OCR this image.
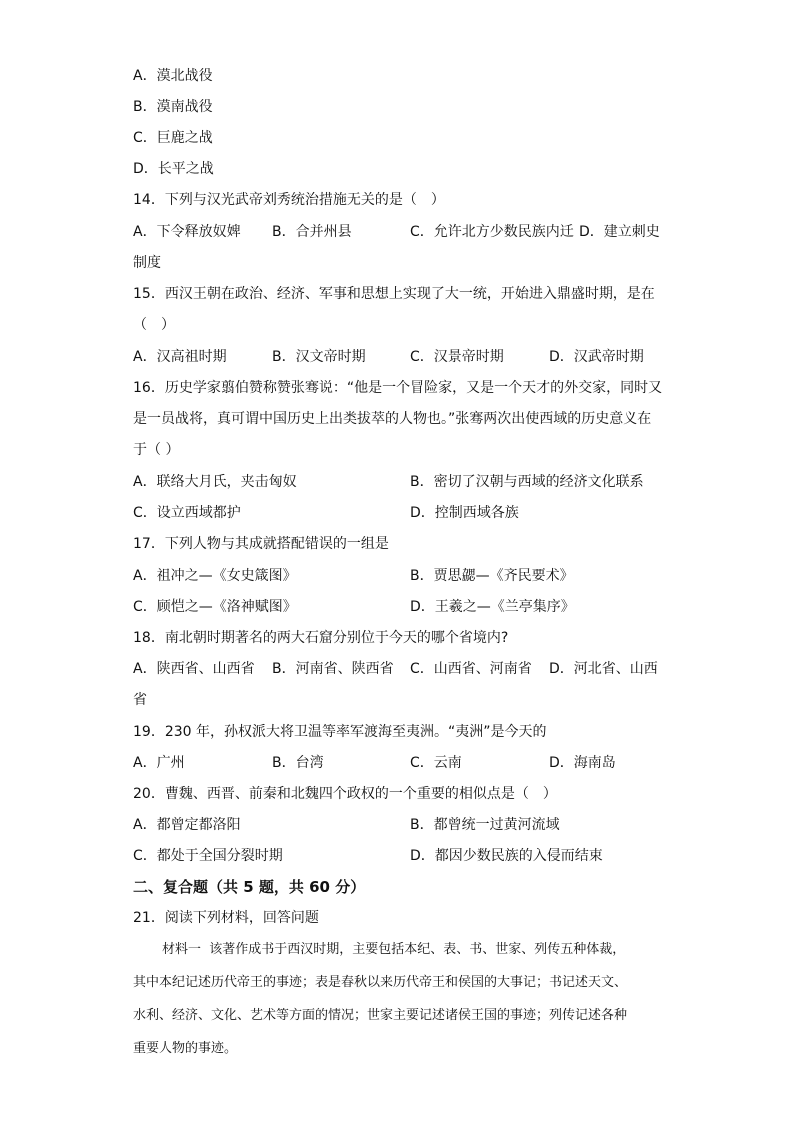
A．漠北战役
B．漠南战役
C．巨鹿之战
D．长平之战
14．下列与汉光武帝刘秀统治措施无关的是（　）
A．下令释放奴婢 B．合并州县	C．允许北方少数民族内迁 D．建立刺史
制度
15．西汉王朝在政治、经济、军事和思想上实现了大一统，开始进入鼎盛时期，是在
（　）
A．汉高祖时期	B．汉文帝时期	C．汉景帝时期	D．汉武帝时期
16．历史学家翦伯赞称赞张骞说：“他是一个冒险家，又是一个天才的外交家，同时又
是一员战将，真可谓中国历史上出类拔萃的人物也。”张骞两次出使西域的历史意义在
于（ ）
A．联络大月氏，夹击匈奴	B．密切了汉朝与西域的经济文化联系
C．设立西域都护	D．控制西域各族
17．下列人物与其成就搭配错误的一组是
A．祖冲之—《女史箴图》	B．贾思勰—《齐民要术》
C．顾恺之—《洛神赋图》	D．王羲之—《兰亭集序》
18．南北朝时期著名的两大石窟分别位于今天的哪个省境内?
A．陕西省、山西省 B．河南省、陕西省 C．山西省、河南省 D．河北省、山西
省
19．230 年，孙权派大将卫温等率军渡海至夷洲。“夷洲”是今天的
A．广州	B．台湾	C．云南	D．海南岛
20．曹魏、西晋、前秦和北魏四个政权的一个重要的相似点是（　）
A．都曾定都洛阳	B．都曾统一过黄河流域
C．都处于全国分裂时期	D．都因少数民族的入侵而结束
二、复合题（共 5 题，共 60 分）
21．阅读下列材料，回答问题
材料一  该著作成书于西汉时期，主要包括本纪、表、书、世家、列传五种体裁，
其中本纪记述历代帝王的事迹；表是春秋以来历代帝王和侯国的大事记；书记述天文、
水利、经济、文化、艺术等方面的情况；世家主要记述诸侯王国的事迹；列传记述各种
重要人物的事迹。
